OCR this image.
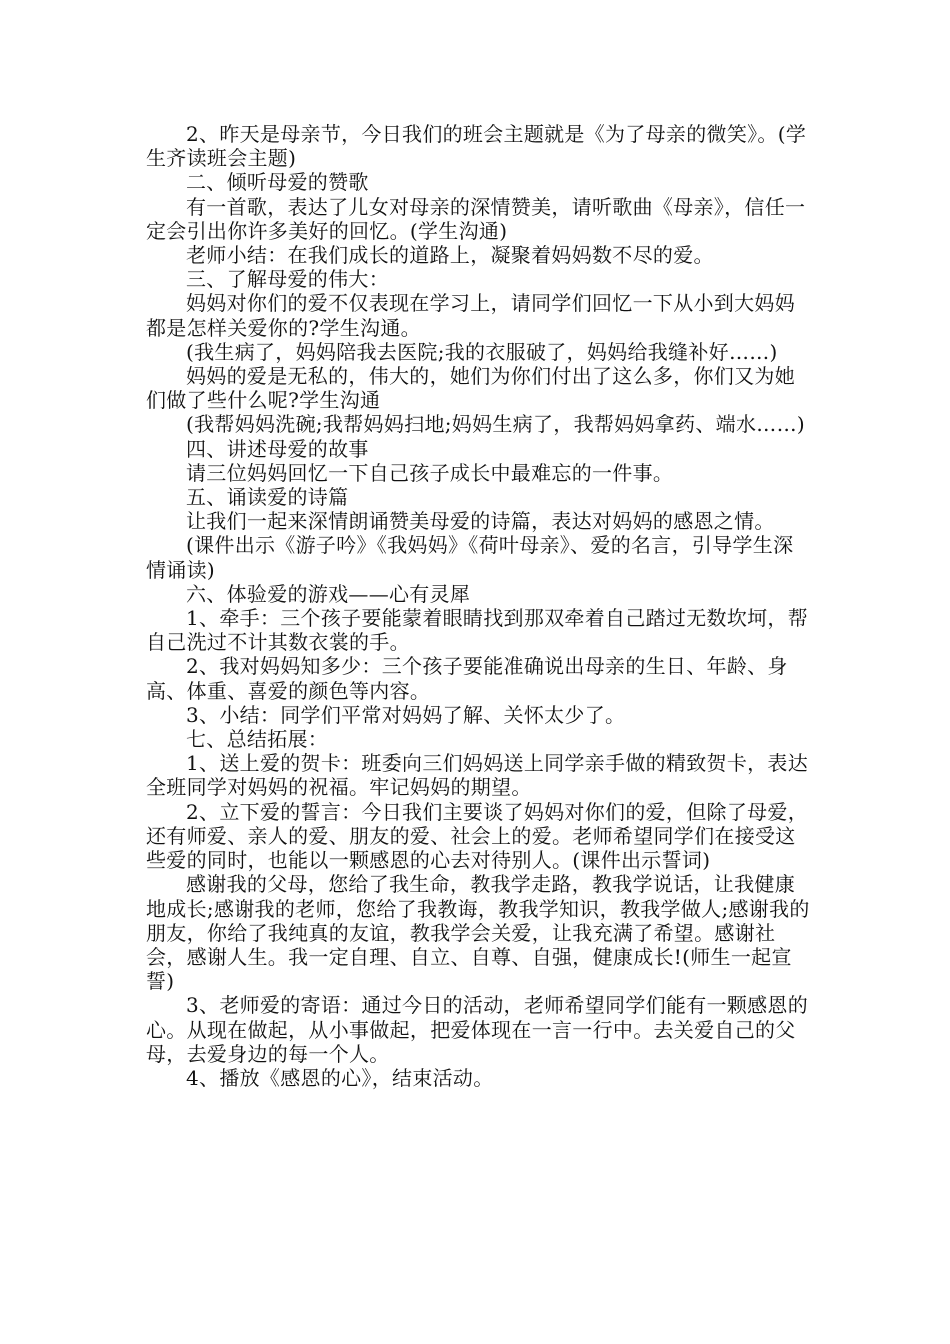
2、昨天是母亲节，今日我们的班会主题就是《为了母亲的微笑》。(学生齐读班会主题)

二、倾听母爱的赞歌

有一首歌，表达了儿女对母亲的深情赞美，请听歌曲《母亲》，信任一定会引出你许多美好的回忆。(学生沟通)

老师小结：在我们成长的道路上，凝聚着妈妈数不尽的爱。

三、了解母爱的伟大：

妈妈对你们的爱不仅表现在学习上，请同学们回忆一下从小到大妈妈都是怎样关爱你的?学生沟通。

(我生病了，妈妈陪我去医院;我的衣服破了，妈妈给我缝补好……)

妈妈的爱是无私的，伟大的，她们为你们付出了这么多，你们又为她们做了些什么呢?学生沟通

(我帮妈妈洗碗;我帮妈妈扫地;妈妈生病了，我帮妈妈拿药、端水……)

四、讲述母爱的故事

请三位妈妈回忆一下自己孩子成长中最难忘的一件事。

五、诵读爱的诗篇

让我们一起来深情朗诵赞美母爱的诗篇，表达对妈妈的感恩之情。

(课件出示《游子吟》《我妈妈》《荷叶母亲》、爱的名言，引导学生深情诵读)

六、体验爱的游戏——心有灵犀

1、牵手：三个孩子要能蒙着眼睛找到那双牵着自己踏过无数坎坷，帮自己洗过不计其数衣裳的手。

2、我对妈妈知多少：三个孩子要能准确说出母亲的生日、年龄、身高、体重、喜爱的颜色等内容。

3、小结：同学们平常对妈妈了解、关怀太少了。

七、总结拓展：

1、送上爱的贺卡：班委向三们妈妈送上同学亲手做的精致贺卡，表达全班同学对妈妈的祝福。牢记妈妈的期望。

2、立下爱的誓言：今日我们主要谈了妈妈对你们的爱，但除了母爱，还有师爱、亲人的爱、朋友的爱、社会上的爱。老师希望同学们在接受这些爱的同时，也能以一颗感恩的心去对待别人。(课件出示誓词)

感谢我的父母，您给了我生命，教我学走路，教我学说话，让我健康地成长;感谢我的老师，您给了我教诲，教我学知识，教我学做人;感谢我的朋友，你给了我纯真的友谊，教我学会关爱，让我充满了希望。感谢社会，感谢人生。我一定自理、自立、自尊、自强，健康成长!(师生一起宣誓)

3、老师爱的寄语：通过今日的活动，老师希望同学们能有一颗感恩的心。从现在做起，从小事做起，把爱体现在一言一行中。去关爱自己的父母，去爱身边的每一个人。

4、播放《感恩的心》，结束活动。
